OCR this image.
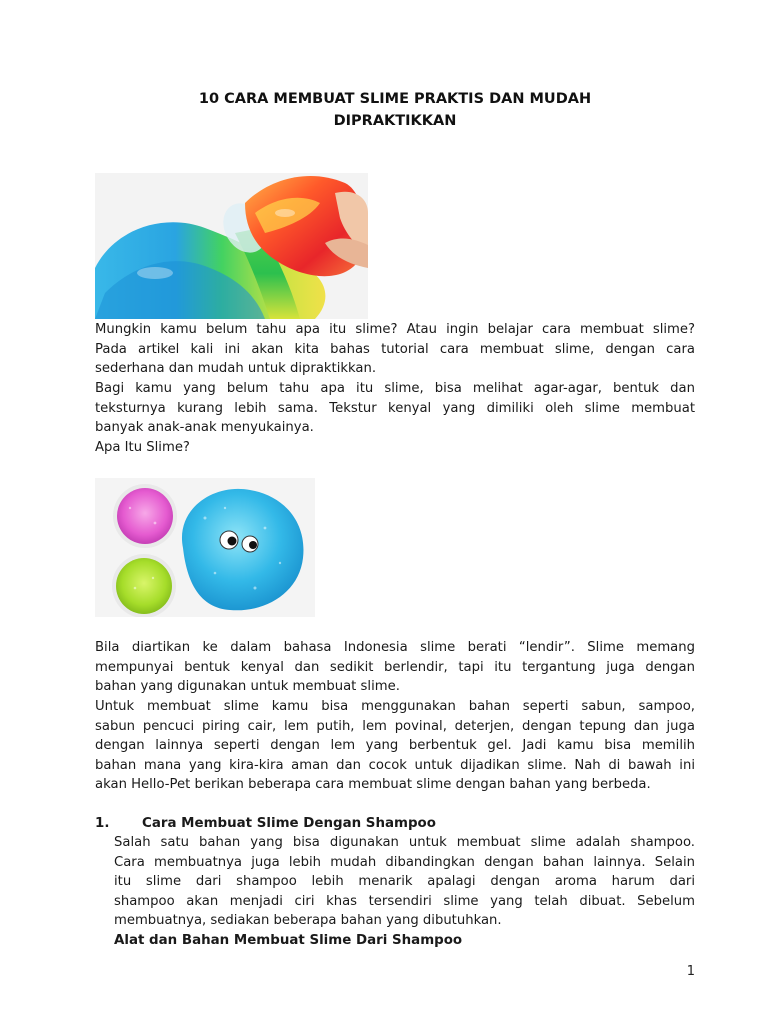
10 CARA MEMBUAT SLIME PRAKTIS DAN MUDAH
DIPRAKTIKKAN

Mungkin kamu belum tahu apa itu slime? Atau ingin belajar cara membuat slime?
Pada artikel kali ini akan kita bahas tutorial cara membuat slime, dengan cara
sederhana dan mudah untuk dipraktikkan.

Bagi kamu yang belum tahu apa itu slime, bisa melihat agar-agar, bentuk dan
teksturnya kurang lebih sama. Tekstur kenyal yang dimiliki oleh slime membuat
banyak anak-anak menyukainya.

Apa Itu Slime?

Bila diartikan ke dalam bahasa Indonesia slime berati “lendir”. Slime memang
mempunyai bentuk kenyal dan sedikit berlendir, tapi itu tergantung juga dengan
bahan yang digunakan untuk membuat slime.

Untuk membuat slime kamu bisa menggunakan bahan seperti sabun, sampoo,
sabun pencuci piring cair, lem putih, lem povinal, deterjen, dengan tepung dan juga
dengan lainnya seperti dengan lem yang berbentuk gel. Jadi kamu bisa memilih
bahan mana yang kira-kira aman dan cocok untuk dijadikan slime. Nah di bawah ini
akan Hello-Pet berikan beberapa cara membuat slime dengan bahan yang berbeda.

1. Cara Membuat Slime Dengan Shampoo

Salah satu bahan yang bisa digunakan untuk membuat slime adalah shampoo.
Cara membuatnya juga lebih mudah dibandingkan dengan bahan lainnya. Selain
itu slime dari shampoo lebih menarik apalagi dengan aroma harum dari
shampoo akan menjadi ciri khas tersendiri slime yang telah dibuat. Sebelum
membuatnya, sediakan beberapa bahan yang dibutuhkan.

Alat dan Bahan Membuat Slime Dari Shampoo
1
